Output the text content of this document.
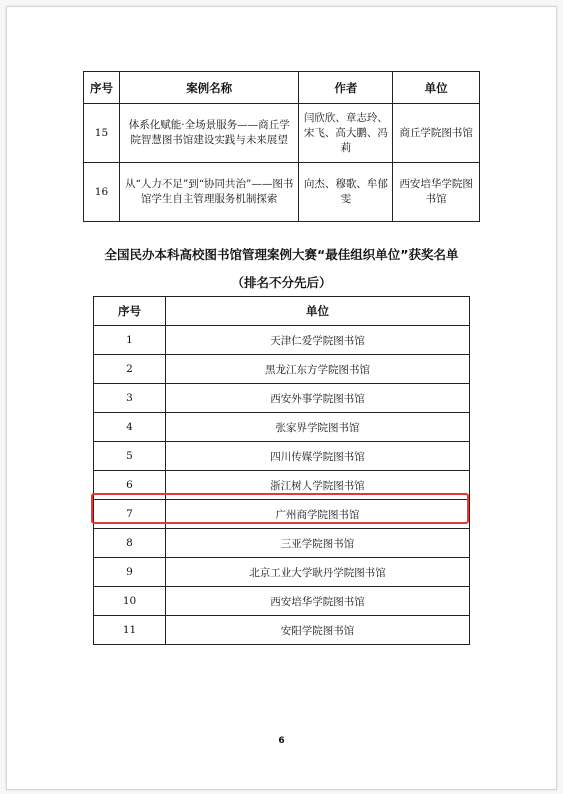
序号	案例名称	作者	单位
15	体系化赋能·全场景服务——商丘学院智慧图书馆建设实践与未来展望	闫欣欣、章志玲、宋飞、高大鹏、冯莉	商丘学院图书馆
16	从“人力不足”到“协同共治”——图书馆学生自主管理服务机制探索	向杰、穆歌、牟郁雯	西安培华学院图书馆
全国民办本科高校图书馆管理案例大赛“最佳组织单位”获奖名单
（排名不分先后）
序号	单位
1	天津仁爱学院图书馆
2	黑龙江东方学院图书馆
3	西安外事学院图书馆
4	张家界学院图书馆
5	四川传媒学院图书馆
6	浙江树人学院图书馆
7	广州商学院图书馆
8	三亚学院图书馆
9	北京工业大学耿丹学院图书馆
10	西安培华学院图书馆
11	安阳学院图书馆
6
